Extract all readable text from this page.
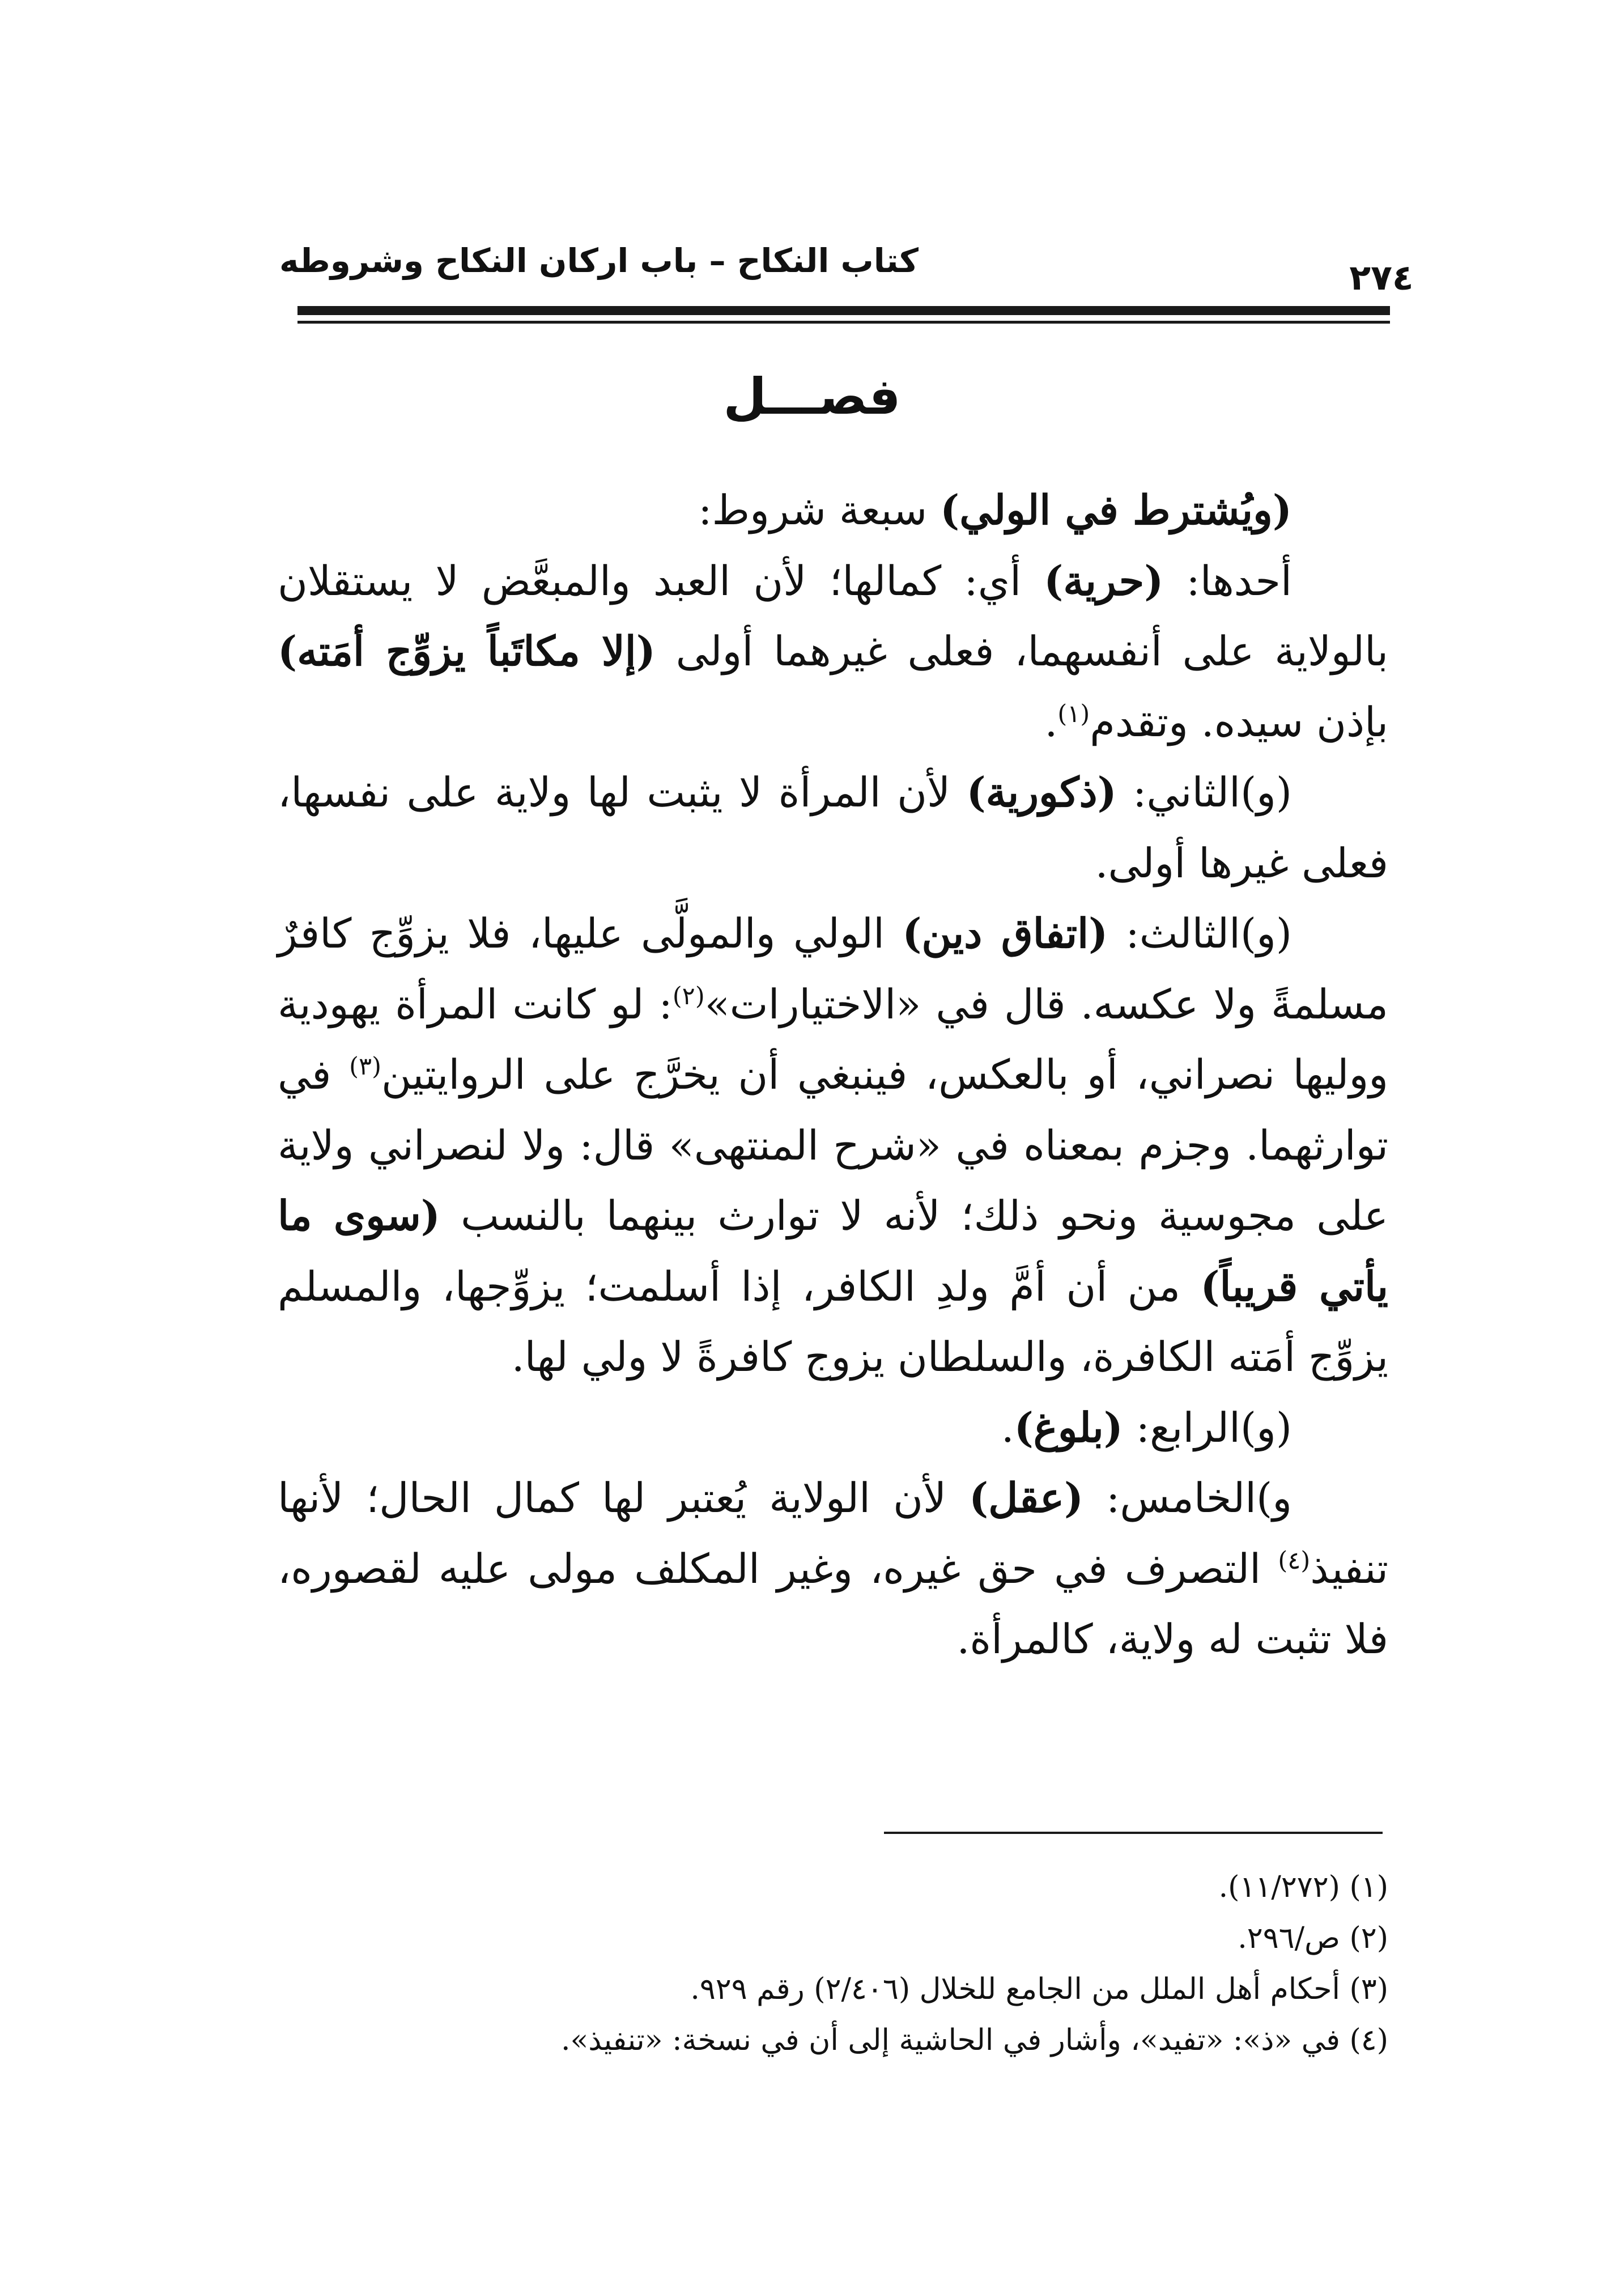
كتاب النكاح – باب اركان النكاح وشروطه	٢٧٤
فصـــل

(ويُشترط في الولي) سبعة شروط:

أحدها: (حرية) أي: كمالها؛ لأن العبد والمبعَّض لا يستقلان بالولاية على أنفسهما، فعلى غيرهما أولى (إلا مكاتَباً يزوِّج أمَته) بإذن سيده. وتقدم$^{(١)}$.

(و)الثاني: (ذكورية) لأن المرأة لا يثبت لها ولاية على نفسها، فعلى غيرها أولى.

(و)الثالث: (اتفاق دين) الولي والمولَّى عليها، فلا يزوِّج كافرٌ مسلمةً ولا عكسه. قال في «الاختيارات»$^{(٢)}$: لو كانت المرأة يهودية ووليها نصراني، أو بالعكس، فينبغي أن يخرَّج على الروايتين$^{(٣)}$ في توارثهما. وجزم بمعناه في «شرح المنتهى» قال: ولا لنصراني ولاية على مجوسية ونحو ذلك؛ لأنه لا توارث بينهما بالنسب (سوى ما يأتي قريباً) من أن أمَّ ولدِ الكافر، إذا أسلمت؛ يزوِّجها، والمسلم يزوِّج أمَته الكافرة، والسلطان يزوج كافرةً لا ولي لها.

(و)الرابع: (بلوغ).

و)الخامس: (عقل) لأن الولاية يُعتبر لها كمال الحال؛ لأنها تنفيذ$^{(٤)}$ التصرف في حق غيره، وغير المكلف مولى عليه لقصوره، فلا تثبت له ولاية، كالمرأة.

(١) (١١/٢٧٢).

(٢) ص/٢٩٦.

(٣) أحكام أهل الملل من الجامع للخلال (٢/٤٠٦) رقم ٩٢٩.

(٤) في «ذ»: «تفيد»، وأشار في الحاشية إلى أن في نسخة: «تنفيذ».
